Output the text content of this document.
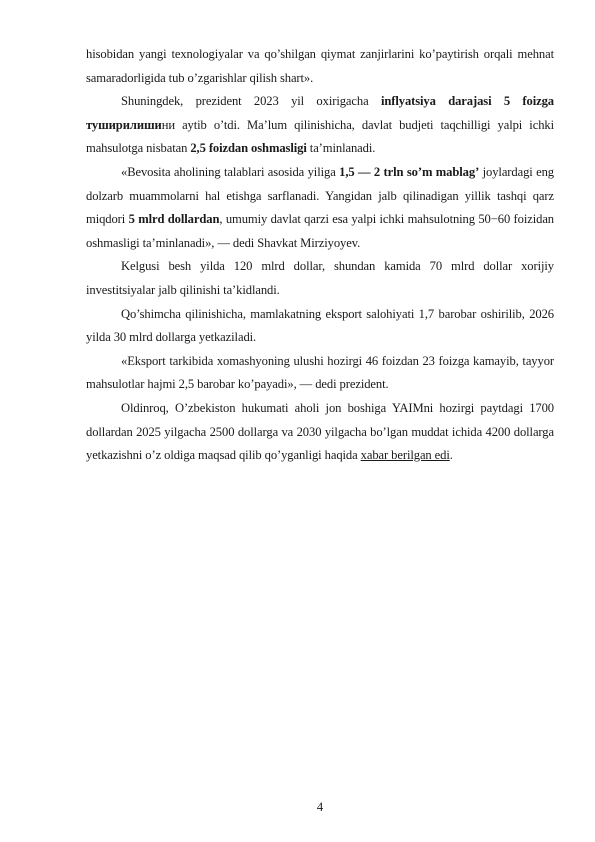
hisobidan yangi texnologiyalar va qo’shilgan qiymat zanjirlarini ko’paytirish orqali mehnat samaradorligida tub o’zgarishlar qilish shart».

Shuningdek, prezident 2023 yil oxirigacha inflyatsiya darajasi 5 foizga туширилишини aytib o’tdi. Ma’lum qilinishicha, davlat budjeti taqchilligi yalpi ichki mahsulotga nisbatan 2,5 foizdan oshmasligi ta’minlanadi.

«Bevosita aholining talablari asosida yiliga 1,5 — 2 trln so’m mablag’ joylardagi eng dolzarb muammolarni hal etishga sarflanadi. Yangidan jalb qilinadigan yillik tashqi qarz miqdori 5 mlrd dollardan, umumiy davlat qarzi esa yalpi ichki mahsulotning 50−60 foizidan oshmasligi ta’minlanadi», — dedi Shavkat Mirziyoyev.

Kelgusi besh yilda 120 mlrd dollar, shundan kamida 70 mlrd dollar xorijiy investitsiyalar jalb qilinishi ta’kidlandi.

Qo’shimcha qilinishicha, mamlakatning eksport salohiyati 1,7 barobar oshirilib, 2026 yilda 30 mlrd dollarga yetkaziladi.

«Eksport tarkibida xomashyoning ulushi hozirgi 46 foizdan 23 foizga kamayib, tayyor mahsulotlar hajmi 2,5 barobar ko’payadi», — dedi prezident.

Oldinroq, O’zbekiston hukumati aholi jon boshiga YAIMni hozirgi paytdagi 1700 dollardan 2025 yilgacha 2500 dollarga va 2030 yilgacha bo’lgan muddat ichida 4200 dollarga yetkazishni o’z oldiga maqsad qilib qo’yganligi haqida xabar berilgan edi.

4
